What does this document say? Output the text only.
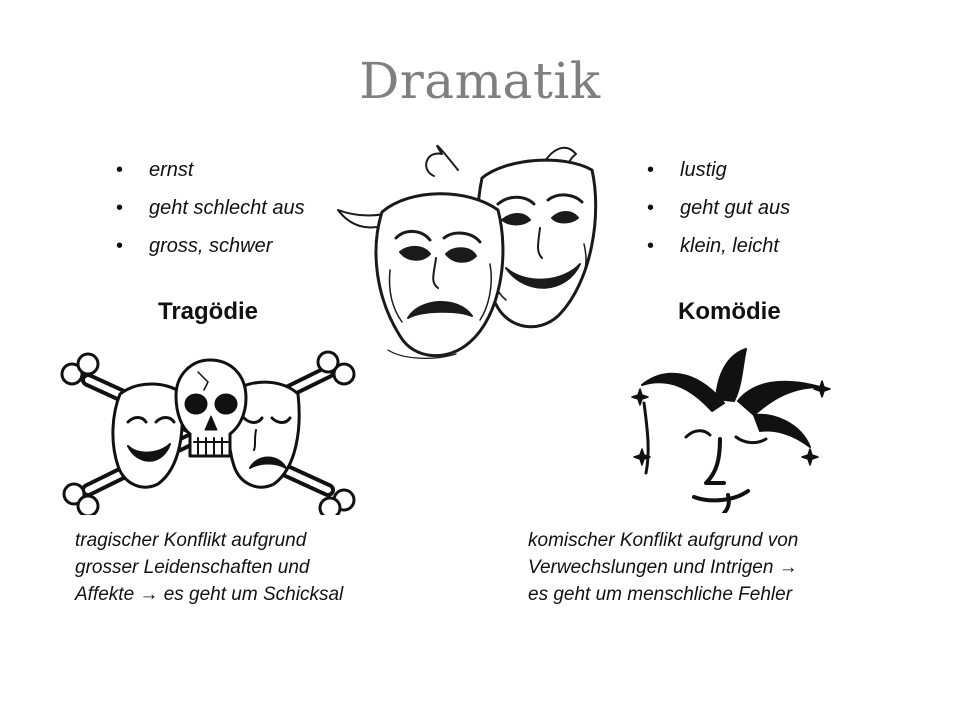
Dramatik
• ernst
• geht schlecht aus
• gross, schwer
• lustig
• geht gut aus
• klein, leicht
Tragödie	Komödie

tragischer Konflikt aufgrund
grosser Leidenschaften und
Affekte → es geht um Schicksal

komischer Konflikt aufgrund von
Verwechslungen und Intrigen →
es geht um menschliche Fehler
